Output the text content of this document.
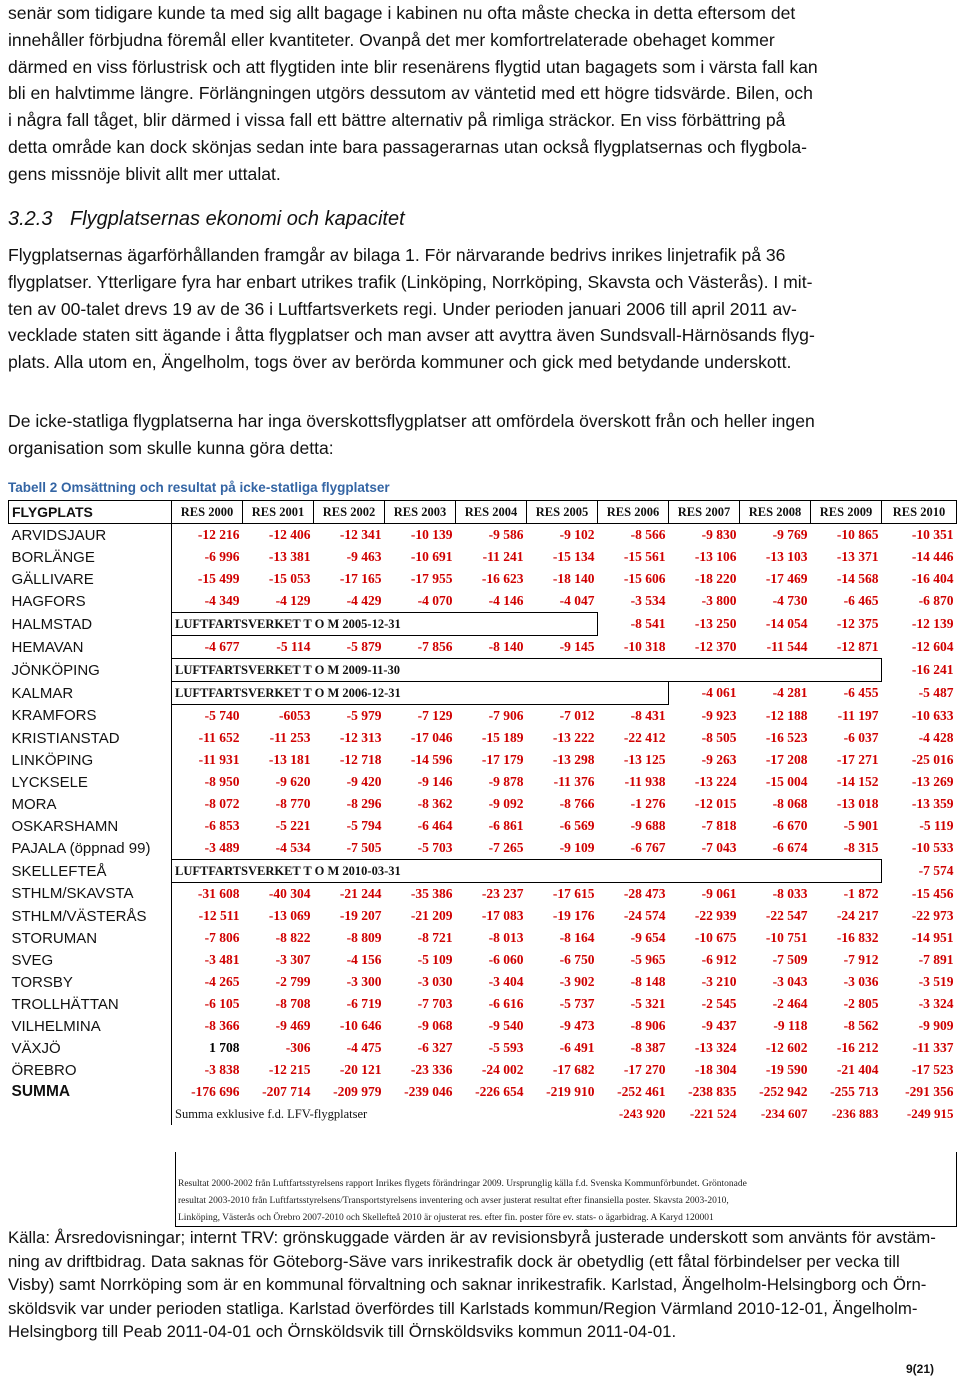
senär som tidigare kunde ta med sig allt bagage i kabinen nu ofta måste checka in detta eftersom det
innehåller förbjudna föremål eller kvantiteter. Ovanpå det mer komfortrelaterade obehaget kommer
därmed en viss förlustrisk och att flygtiden inte blir resenärens flygtid utan bagagets som i värsta fall kan
bli en halvtimme längre. Förlängningen utgörs dessutom av väntetid med ett högre tidsvärde. Bilen, och
i några fall tåget, blir därmed i vissa fall ett bättre alternativ på rimliga sträckor. En viss förbättring på
detta område kan dock skönjas sedan inte bara passagerarnas utan också flygplatsernas och flygbola-
gens missnöje blivit allt mer uttalat.
3.2.3 Flygplatsernas ekonomi och kapacitet
Flygplatsernas ägarförhållanden framgår av bilaga 1. För närvarande bedrivs inrikes linjetrafik på 36
flygplatser. Ytterligare fyra har enbart utrikes trafik (Linköping, Norrköping, Skavsta och Västerås). I mit-
ten av 00-talet drevs 19 av de 36 i Luftfartsverkets regi. Under perioden januari 2006 till april 2011 av-
vecklade staten sitt ägande i åtta flygplatser och man avser att avyttra även Sundsvall-Härnösands flyg-
plats. Alla utom en, Ängelholm, togs över av berörda kommuner och gick med betydande underskott.
De icke-statliga flygplatserna har inga överskottsflygplatser att omfördela överskott från och heller ingen
organisation som skulle kunna göra detta:
Tabell 2 Omsättning och resultat på icke-statliga flygplatser
FLYGPLATS	RES 2000	RES 2001	RES 2002	RES 2003	RES 2004	RES 2005	RES 2006	RES 2007	RES 2008	RES 2009	RES 2010
ARVIDSJAUR	-12 216	-12 406	-12 341	-10 139	-9 586	-9 102	-8 566	-9 830	-9 769	-10 865	-10 351
BORLÄNGE	-6 996	-13 381	-9 463	-10 691	-11 241	-15 134	-15 561	-13 106	-13 103	-13 371	-14 446
GÄLLIVARE	-15 499	-15 053	-17 165	-17 955	-16 623	-18 140	-15 606	-18 220	-17 469	-14 568	-16 404
HAGFORS	-4 349	-4 129	-4 429	-4 070	-4 146	-4 047	-3 534	-3 800	-4 730	-6 465	-6 870
HALMSTAD	LUFTFARTSVERKET T O M 2005-12-31						-8 541	-13 250	-14 054	-12 375	-12 139
HEMAVAN	-4 677	-5 114	-5 879	-7 856	-8 140	-9 145	-10 318	-12 370	-11 544	-12 871	-12 604
JÖNKÖPING	LUFTFARTSVERKET T O M 2009-11-30										-16 241
KALMAR	LUFTFARTSVERKET T O M 2006-12-31							-4 061	-4 281	-6 455	-5 487
KRAMFORS	-5 740	-6053	-5 979	-7 129	-7 906	-7 012	-8 431	-9 923	-12 188	-11 197	-10 633
KRISTIANSTAD	-11 652	-11 253	-12 313	-17 046	-15 189	-13 222	-22 412	-8 505	-16 523	-6 037	-4 428
LINKÖPING	-11 931	-13 181	-12 718	-14 596	-17 179	-13 298	-13 125	-9 263	-17 208	-17 271	-25 016
LYCKSELE	-8 950	-9 620	-9 420	-9 146	-9 878	-11 376	-11 938	-13 224	-15 004	-14 152	-13 269
MORA	-8 072	-8 770	-8 296	-8 362	-9 092	-8 766	-1 276	-12 015	-8 068	-13 018	-13 359
OSKARSHAMN	-6 853	-5 221	-5 794	-6 464	-6 861	-6 569	-9 688	-7 818	-6 670	-5 901	-5 119
PAJALA (öppnad 99)	-3 489	-4 534	-7 505	-5 703	-7 265	-9 109	-6 767	-7 043	-6 674	-8 315	-10 533
SKELLEFTEÅ	LUFTFARTSVERKET T O M 2010-03-31										-7 574
STHLM/SKAVSTA	-31 608	-40 304	-21 244	-35 386	-23 237	-17 615	-28 473	-9 061	-8 033	-1 872	-15 456
STHLM/VÄSTERÅS	-12 511	-13 069	-19 207	-21 209	-17 083	-19 176	-24 574	-22 939	-22 547	-24 217	-22 973
STORUMAN	-7 806	-8 822	-8 809	-8 721	-8 013	-8 164	-9 654	-10 675	-10 751	-16 832	-14 951
SVEG	-3 481	-3 307	-4 156	-5 109	-6 060	-6 750	-5 965	-6 912	-7 509	-7 912	-7 891
TORSBY	-4 265	-2 799	-3 300	-3 030	-3 404	-3 902	-8 148	-3 210	-3 043	-3 036	-3 519
TROLLHÄTTAN	-6 105	-8 708	-6 719	-7 703	-6 616	-5 737	-5 321	-2 545	-2 464	-2 805	-3 324
VILHELMINA	-8 366	-9 469	-10 646	-9 068	-9 540	-9 473	-8 906	-9 437	-9 118	-8 562	-9 909
VÄXJÖ	1 708	-306	-4 475	-6 327	-5 593	-6 491	-8 387	-13 324	-12 602	-16 212	-11 337
ÖREBRO	-3 838	-12 215	-20 121	-23 336	-24 002	-17 682	-17 270	-18 304	-19 590	-21 404	-17 523
SUMMA	-176 696	-207 714	-209 979	-239 046	-226 654	-219 910	-252 461	-238 835	-252 942	-255 713	-291 356
	Summa exklusive f.d. LFV-flygplatser						-243 920	-221 524	-234 607	-236 883	-249 915
Resultat 2000-2002 från Luftfartsstyrelsens rapport Inrikes flygets förändringar 2009. Ursprunglig källa f.d. Svenska Kommunförbundet. Gröntonade
resultat 2003-2010 från Luftfartsstyrelsens/Transportstyrelsens inventering och avser justerat resultat efter finansiella poster. Skavsta 2003-2010,
Linköping, Västerås och Örebro 2007-2010 och Skellefteå 2010 är ojusterat res. efter fin. poster före ev. stats- o ägarbidrag. A Karyd 120001
Källa: Årsredovisningar; internt TRV: grönskuggade värden är av revisionsbyrå justerade underskott som använts för avstäm-
ning av driftbidrag. Data saknas för Göteborg-Säve vars inrikestrafik dock är obetydlig (ett fåtal förbindelser per vecka till
Visby) samt Norrköping som är en kommunal förvaltning och saknar inrikestrafik. Karlstad, Ängelholm-Helsingborg och Örn-
sköldsvik var under perioden statliga. Karlstad överfördes till Karlstads kommun/Region Värmland 2010-12-01, Ängelholm-
Helsingborg till Peab 2011-04-01 och Örnsköldsvik till Örnsköldsviks kommun 2011-04-01.
9(21)
